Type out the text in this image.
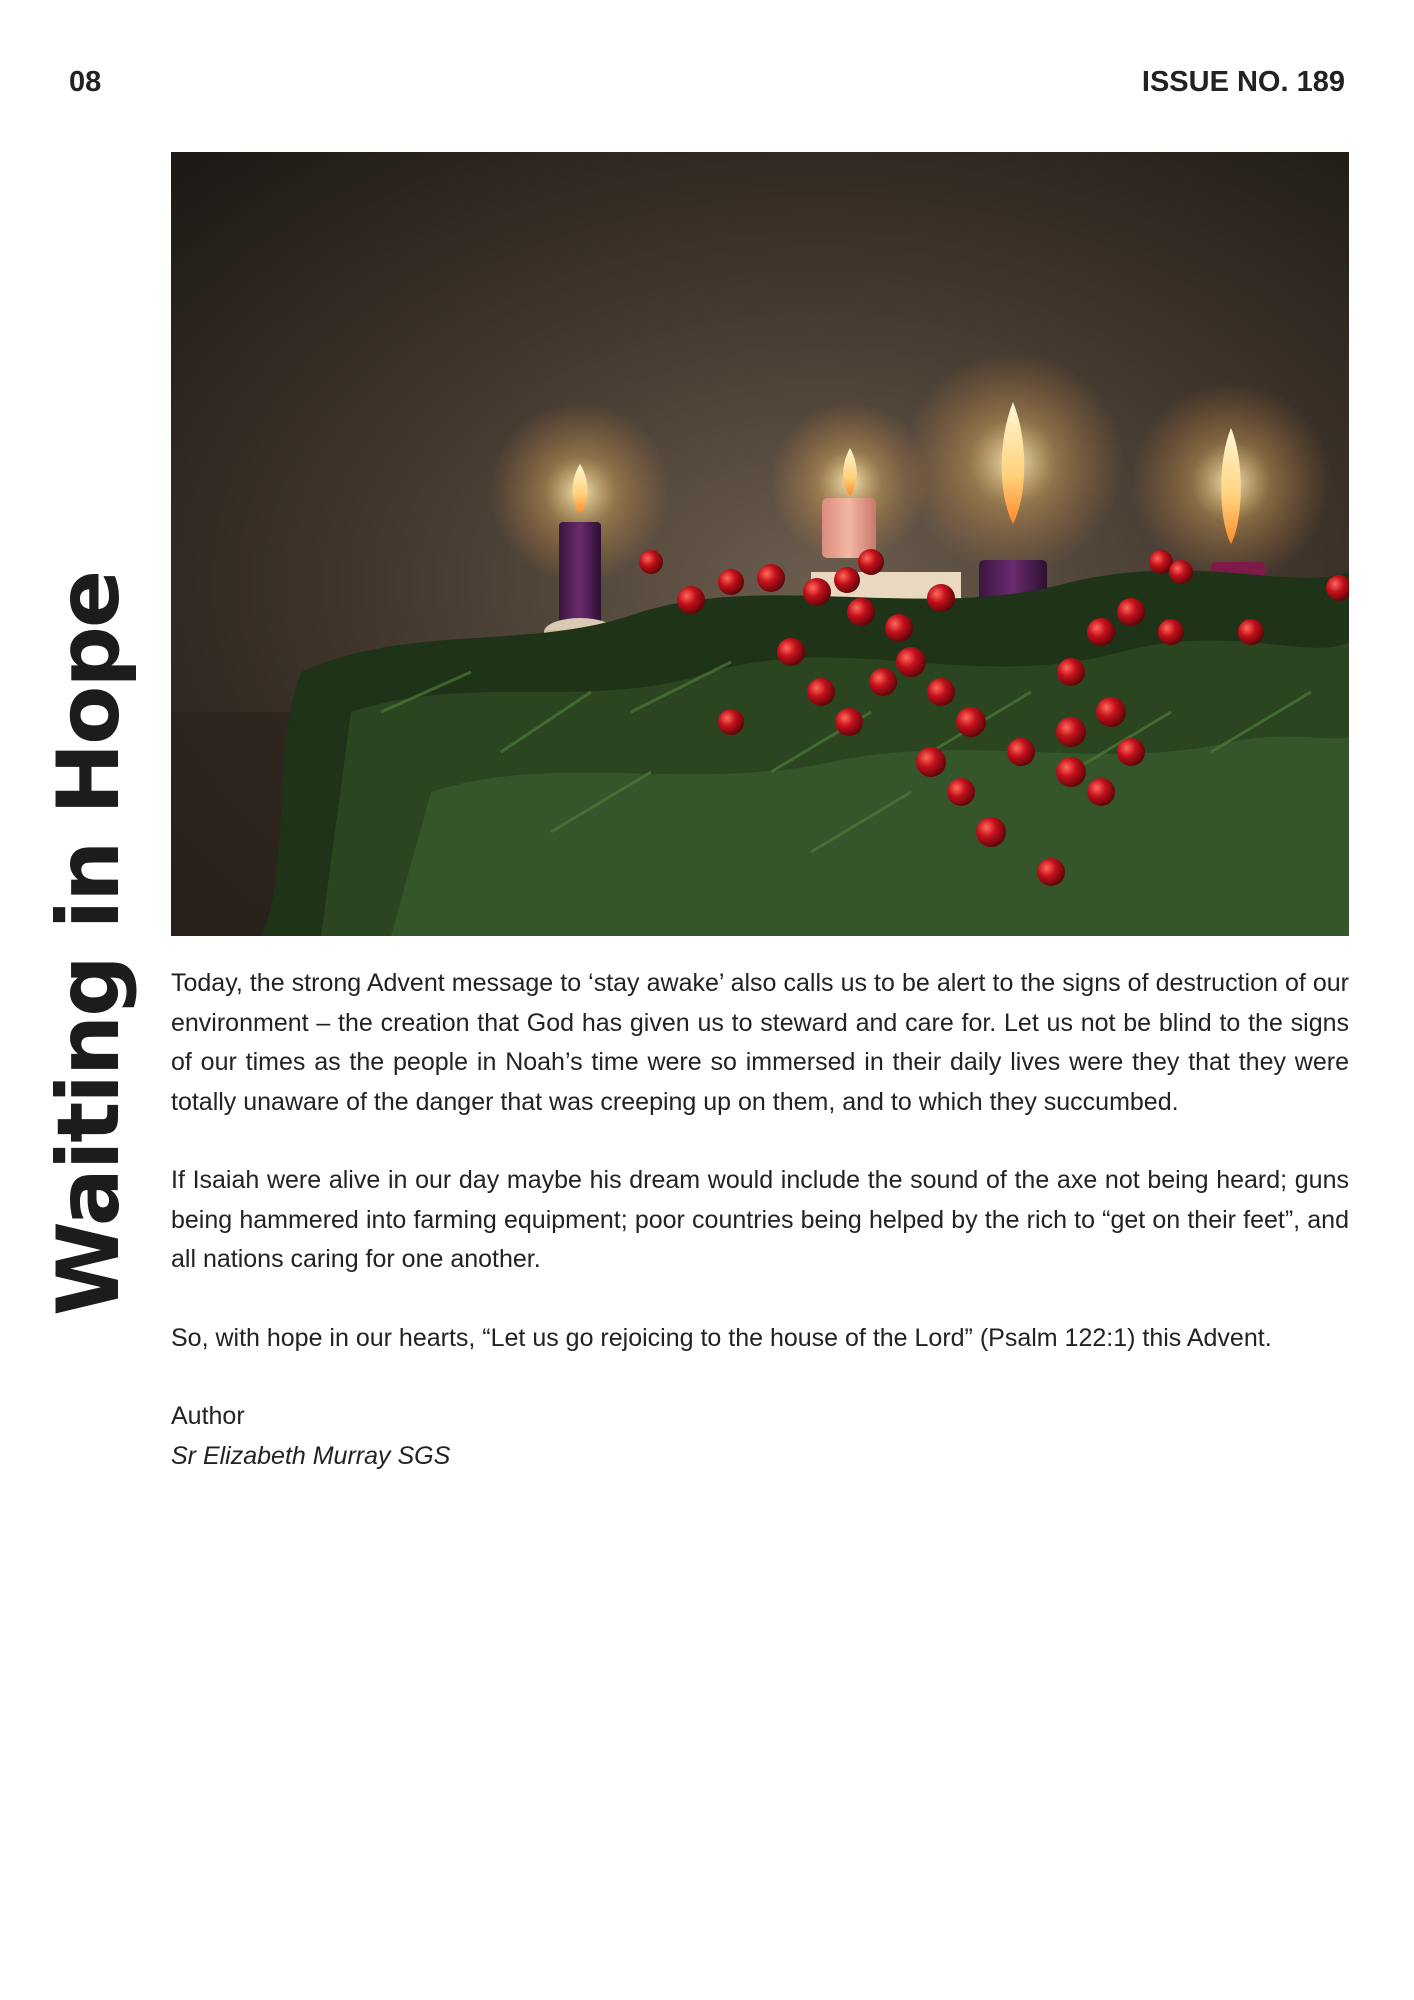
08	ISSUE NO. 189
Waiting in Hope Today, the strong Advent message to ‘stay awake’ also calls us to be alert to the signs of destruction of our environment – the creation that God has given us to steward and care for. Let us not be blind to the signs of our times as the people in Noah’s time were so immersed in their daily lives were they that they were totally unaware of the danger that was creeping up on them, and to which they succumbed.

If Isaiah were alive in our day maybe his dream would include the sound of the axe not being heard; guns being hammered into farming equipment; poor countries being helped by the rich to “get on their feet”, and all nations caring for one another.

So, with hope in our hearts, “Let us go rejoicing to the house of the Lord” (Psalm 122:1) this Advent.

Author
Sr Elizabeth Murray SGS
